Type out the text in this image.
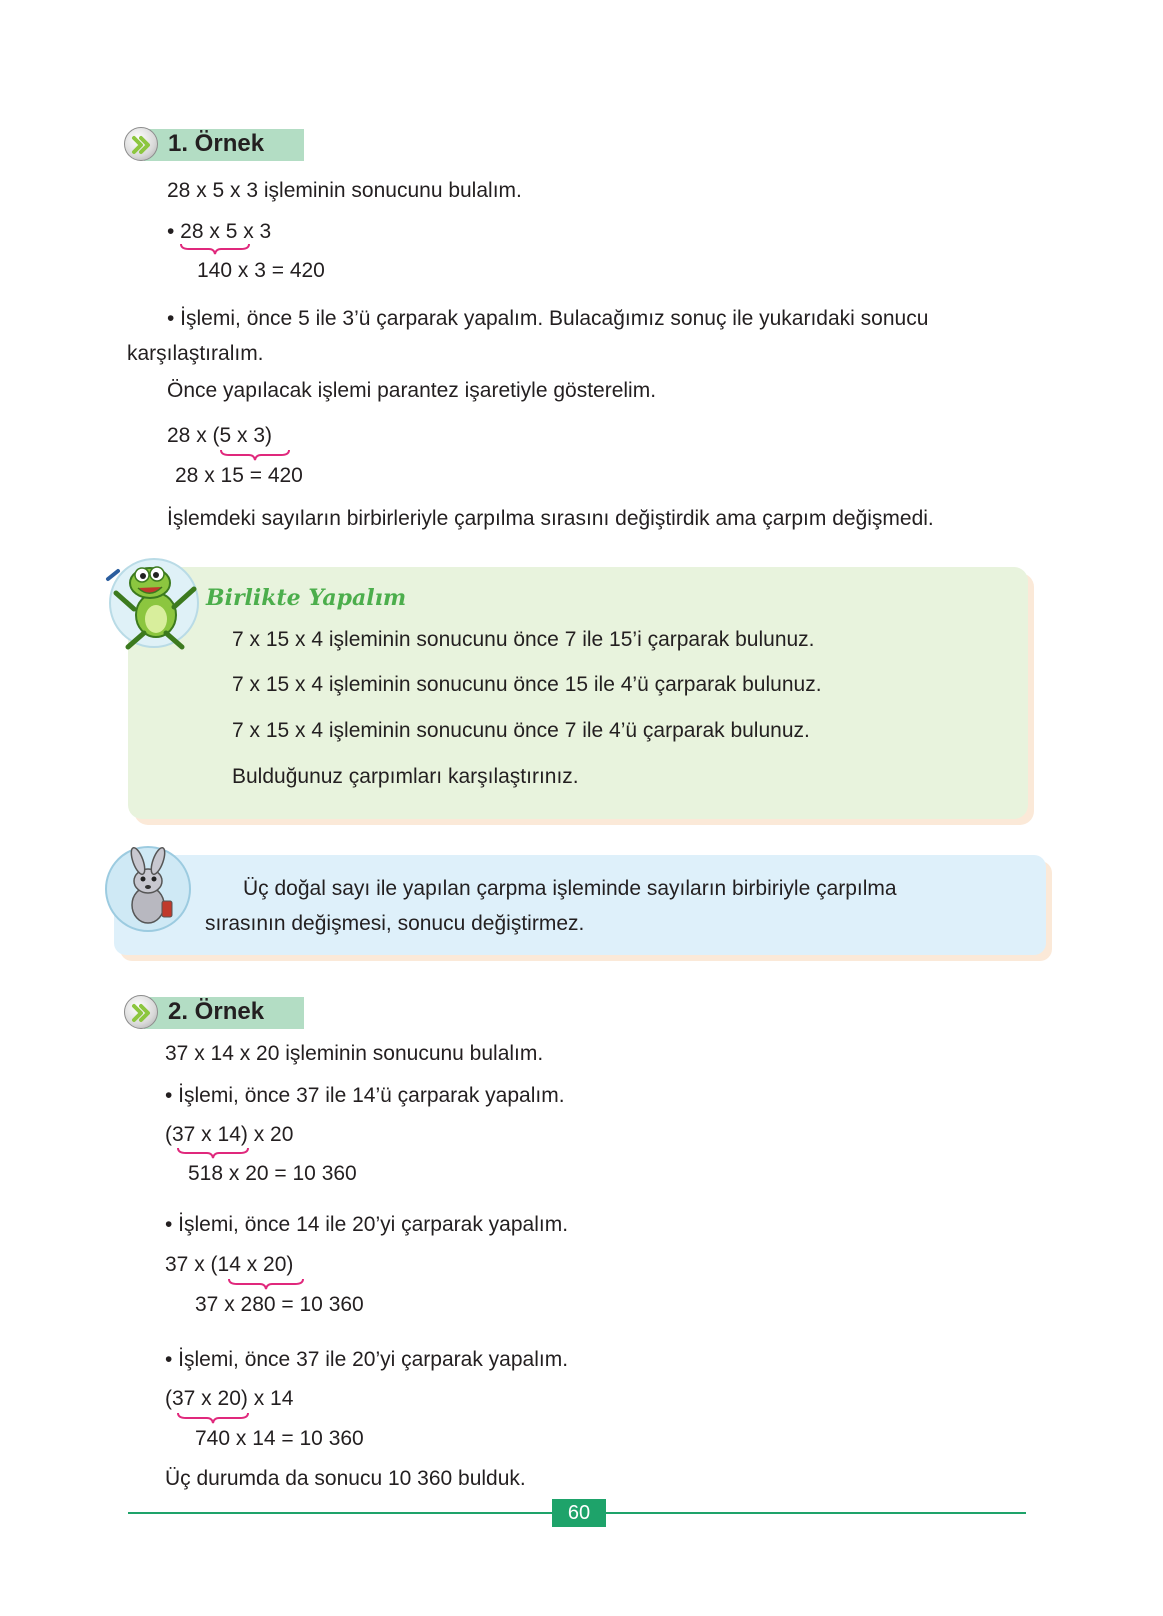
1. Örnek
28 x 5 x 3 işleminin sonucunu bulalım.
• 28 x 5 x 3
140 x 3 = 420
• İşlemi, önce 5 ile 3’ü çarparak yapalım. Bulacağımız sonuç ile yukarıdaki sonucu
karşılaştıralım.
Önce yapılacak işlemi parantez işaretiyle gösterelim.
28 x (5 x 3)
28 x 15 = 420
İşlemdeki sayıların birbirleriyle çarpılma sırasını değiştirdik ama çarpım değişmedi.
Birlikte Yapalım
7 x 15 x 4 işleminin sonucunu önce 7 ile 15’i çarparak bulunuz.
7 x 15 x 4 işleminin sonucunu önce 15 ile 4’ü çarparak bulunuz.
7 x 15 x 4 işleminin sonucunu önce 7 ile 4’ü çarparak bulunuz.
Bulduğunuz çarpımları karşılaştırınız.
Üç doğal sayı ile yapılan çarpma işleminde sayıların birbiriyle çarpılma
sırasının değişmesi, sonucu değiştirmez.
2. Örnek
37 x 14 x 20 işleminin sonucunu bulalım.
• İşlemi, önce 37 ile 14’ü çarparak yapalım.
(37 x 14) x 20
518 x 20 = 10 360
• İşlemi, önce 14 ile 20’yi çarparak yapalım.
37 x (14 x 20)
37 x 280 = 10 360
• İşlemi, önce 37 ile 20’yi çarparak yapalım.
(37 x 20) x 14
740 x 14 = 10 360
Üç durumda da sonucu 10 360 bulduk.
60
